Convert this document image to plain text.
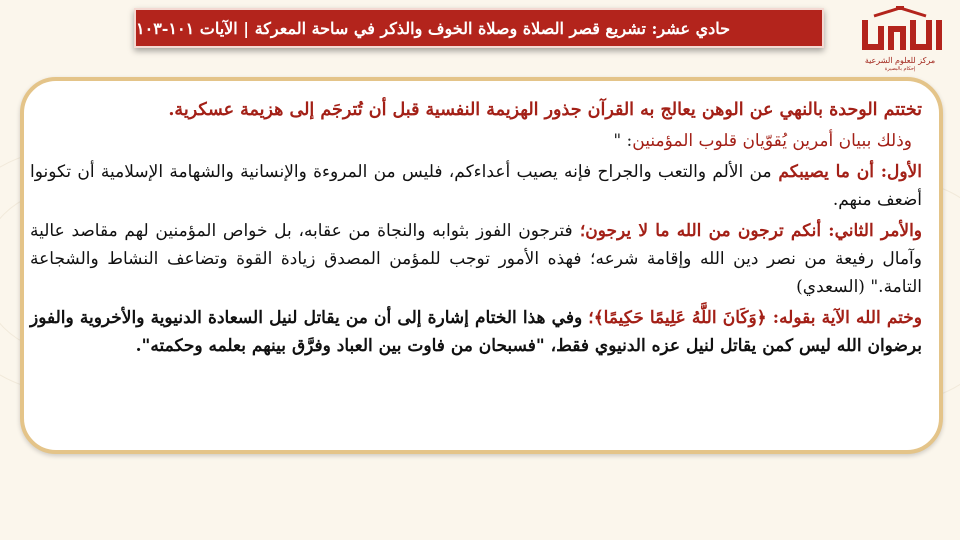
حادي عشر: تشريع قصر الصلاة وصلاة الخوف والذكر في ساحة المعركة | الآيات ١٠١-١٠٣
مركز للعلوم الشرعية
إحكام بالبصيرة

تختتم الوحدة بالنهي عن الوهن يعالج به القرآن جذور الهزيمة النفسية قبل أن تُترجَم إلى هزيمة عسكرية.

وذلك ببيان أمرين يُقوّيان قلوب المؤمنين: "

الأول: أن ما يصيبكم من الألم والتعب والجراح فإنه يصيب أعداءكم، فليس من المروءة والإنسانية والشهامة الإسلامية أن تكونوا أضعف منهم.

والأمر الثاني: أنكم ترجون من الله ما لا يرجون؛ فترجون الفوز بثوابه والنجاة من عقابه، بل خواص المؤمنين لهم مقاصد عالية وآمال رفيعة من نصر دين الله وإقامة شرعه؛ فهذه الأمور توجب للمؤمن المصدق زيادة القوة وتضاعف النشاط والشجاعة التامة." (السعدي)

وختم الله الآية بقوله: ﴿وَكَانَ اللَّهُ عَلِيمًا حَكِيمًا﴾؛ وفي هذا الختام إشارة إلى أن من يقاتل لنيل السعادة الدنيوية والأخروية والفوز برضوان الله ليس كمن يقاتل لنيل عزه الدنيوي فقط، "فسبحان من فاوت بين العباد وفرَّق بينهم بعلمه وحكمته".
